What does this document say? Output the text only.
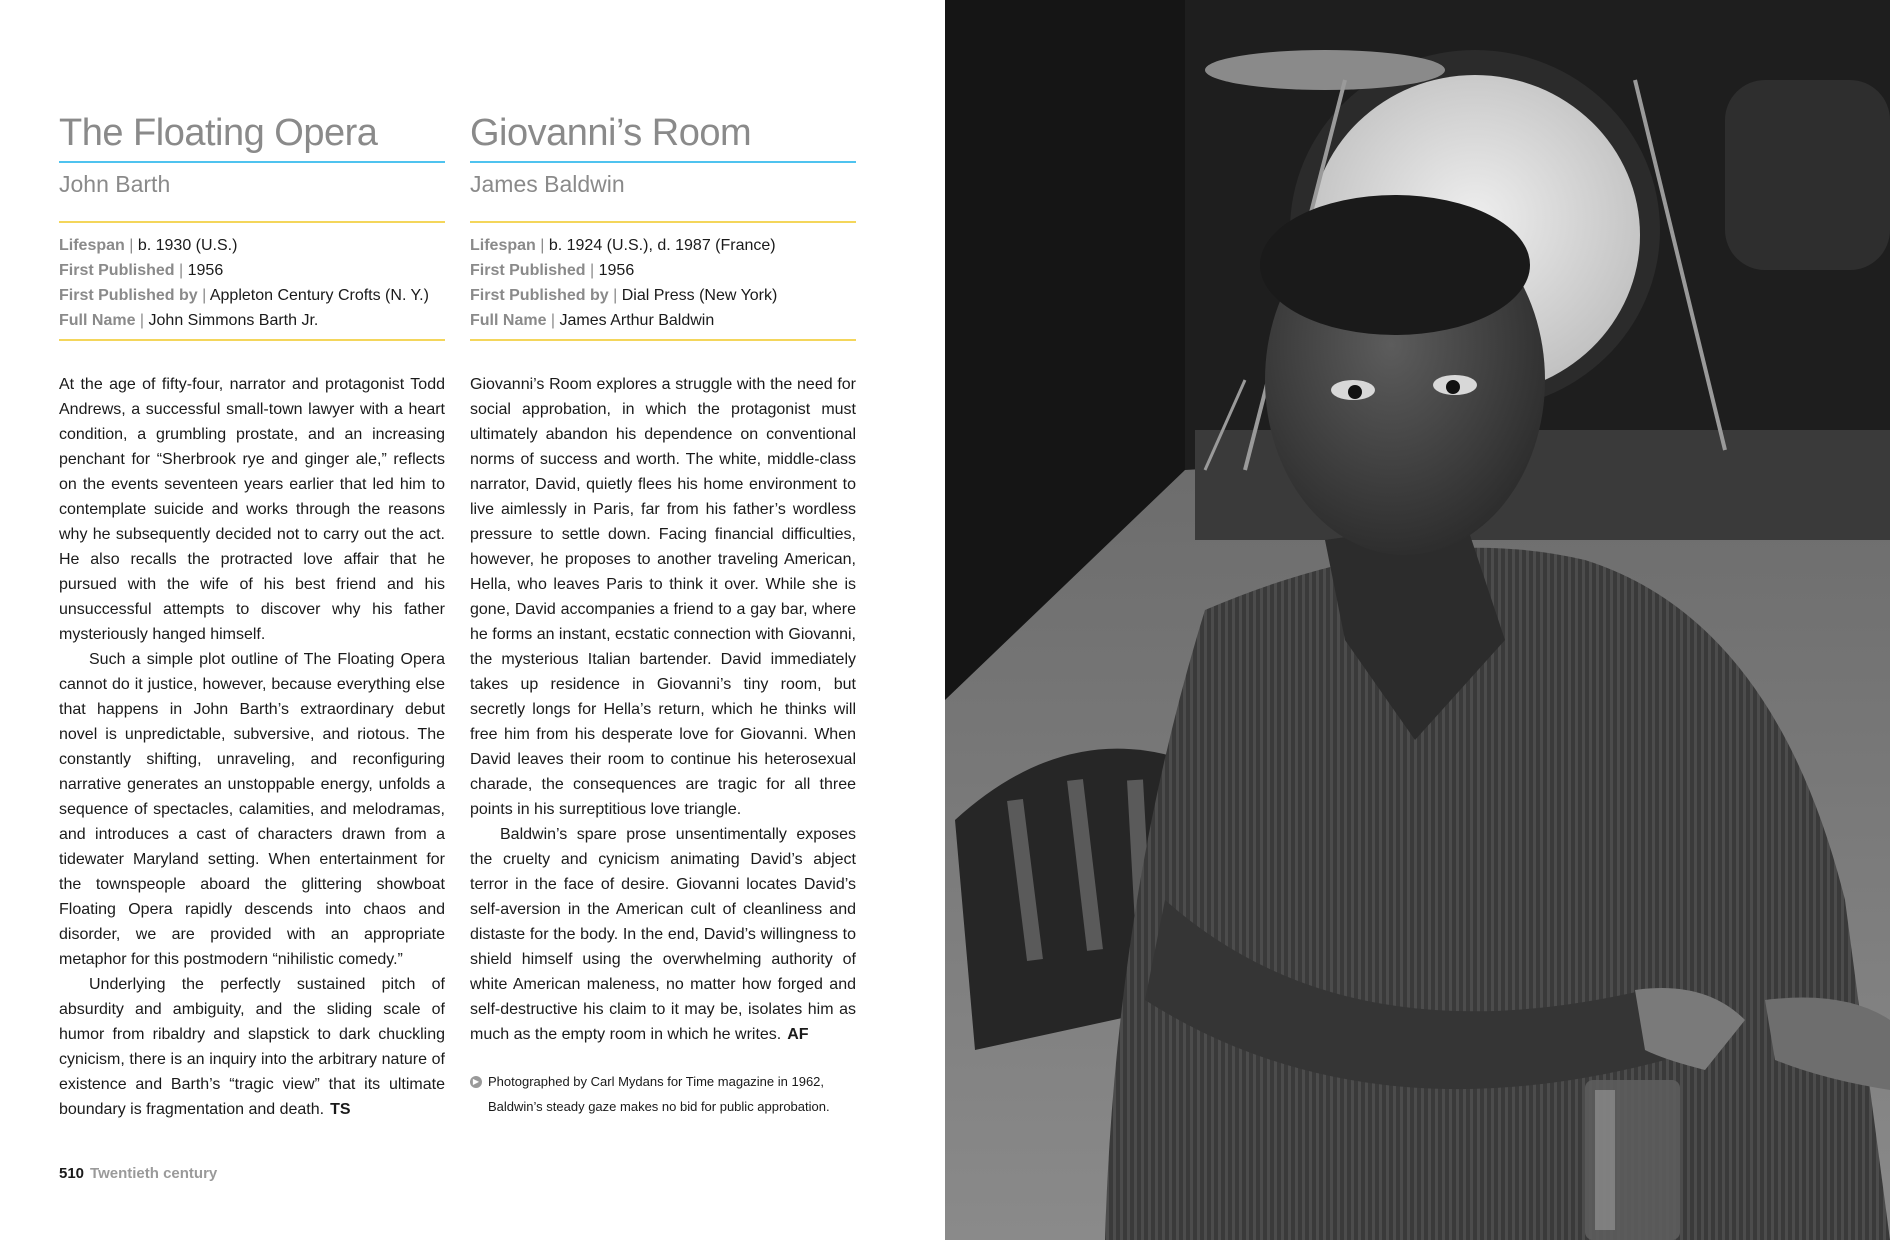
The Floating Opera
John Barth
Lifespan | b. 1930 (U.S.)
First Published | 1956
First Published by | Appleton Century Crofts (N. Y.)
Full Name | John Simmons Barth Jr.

At the age of fifty-four, narrator and protagonist Todd Andrews, a successful small-town lawyer with a heart condition, a grumbling prostate, and an increasing penchant for “Sherbrook rye and ginger ale,” reflects on the events seventeen years earlier that led him to contemplate suicide and works through the reasons why he subsequently decided not to carry out the act. He also recalls the protracted love affair that he pursued with the wife of his best friend and his unsuccessful attempts to discover why his father mysteriously hanged himself.

Such a simple plot outline of The Floating Opera cannot do it justice, however, because everything else that happens in John Barth’s extraordinary debut novel is unpredictable, subversive, and riotous. The constantly shifting, unraveling, and reconfiguring narrative generates an unstoppable energy, unfolds a sequence of spectacles, calamities, and melodramas, and introduces a cast of characters drawn from a tidewater Maryland setting. When entertainment for the townspeople aboard the glittering showboat Floating Opera rapidly descends into chaos and disorder, we are provided with an appropriate metaphor for this postmodern “nihilistic comedy.”

Underlying the perfectly sustained pitch of absurdity and ambiguity, and the sliding scale of humor from ribaldry and slapstick to dark chuckling cynicism, there is an inquiry into the arbitrary nature of existence and Barth’s “tragic view” that its ultimate boundary is fragmentation and death. TS

Giovanni’s Room
James Baldwin
Lifespan | b. 1924 (U.S.), d. 1987 (France)
First Published | 1956
First Published by | Dial Press (New York)
Full Name | James Arthur Baldwin

Giovanni’s Room explores a struggle with the need for social approbation, in which the protagonist must ultimately abandon his dependence on conventional norms of success and worth. The white, middle-class narrator, David, quietly flees his home environment to live aimlessly in Paris, far from his father’s wordless pressure to settle down. Facing financial difficulties, however, he proposes to another traveling American, Hella, who leaves Paris to think it over. While she is gone, David accompanies a friend to a gay bar, where he forms an instant, ecstatic connection with Giovanni, the mysterious Italian bartender. David immediately takes up residence in Giovanni’s tiny room, but secretly longs for Hella’s return, which he thinks will free him from his desperate love for Giovanni. When David leaves their room to continue his heterosexual charade, the consequences are tragic for all three points in his surreptitious love triangle.

Baldwin’s spare prose unsentimentally exposes the cruelty and cynicism animating David’s abject terror in the face of desire. Giovanni locates David’s self-aversion in the American cult of cleanliness and distaste for the body. In the end, David’s willingness to shield himself using the overwhelming authority of white American maleness, no matter how forged and self-destructive his claim to it may be, isolates him as much as the empty room in which he writes. AF

▶ Photographed by Carl Mydans for Time magazine in 1962, Baldwin’s steady gaze makes no bid for public approbation.
510 Twentieth century
